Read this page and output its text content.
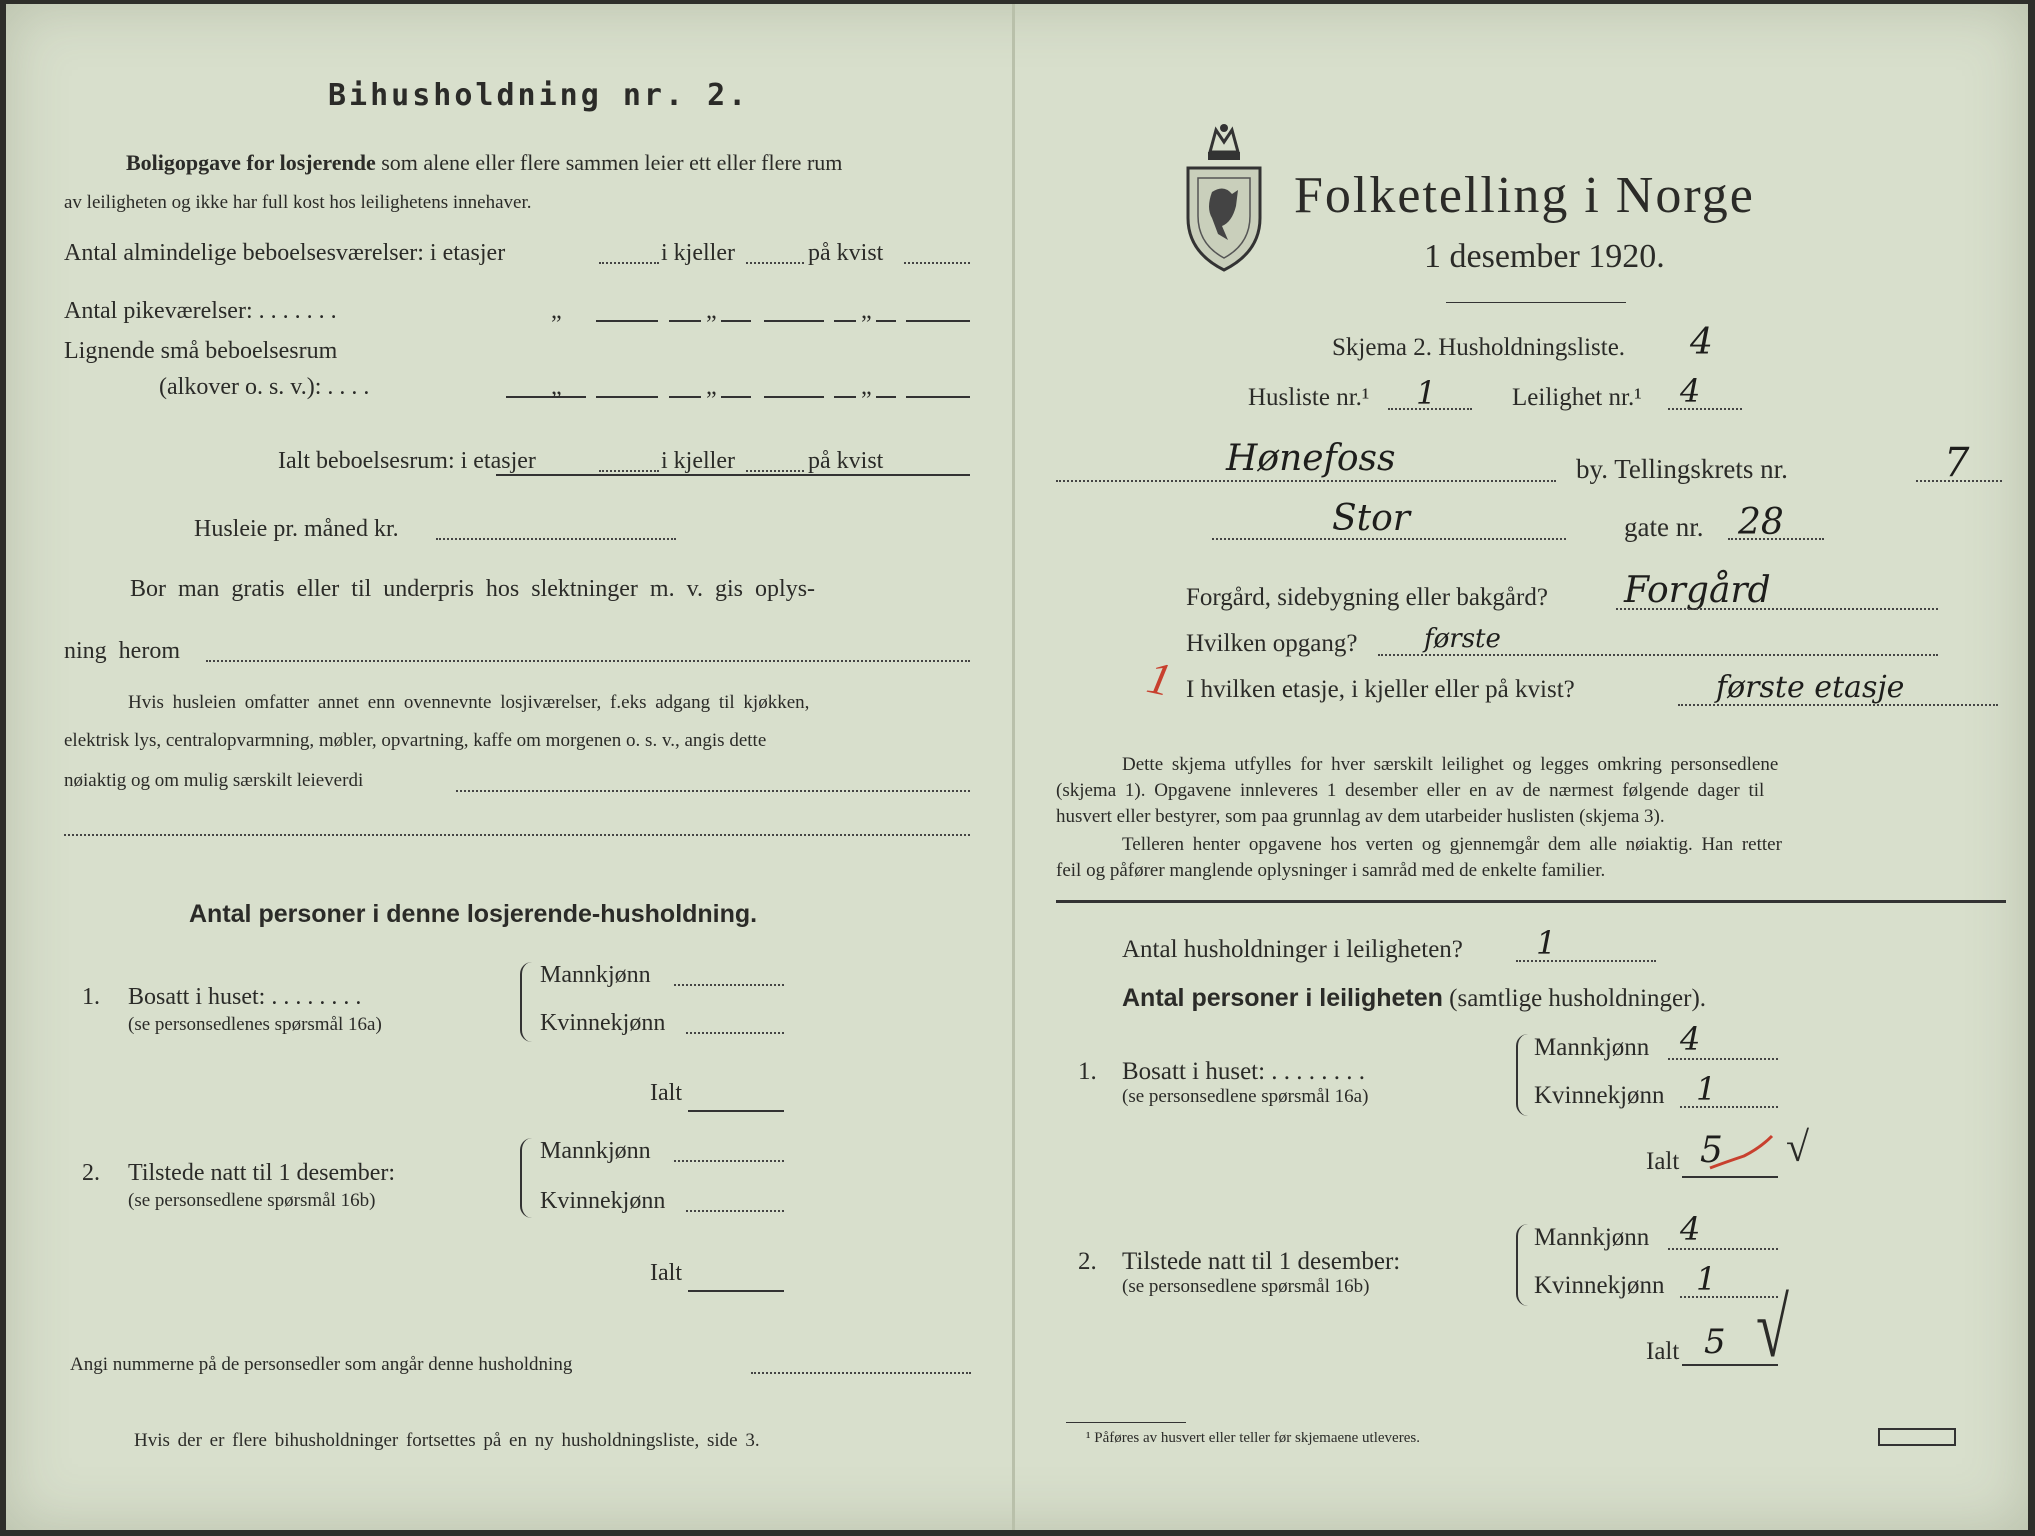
Bihusholdning nr. 2.
Boligopgave for losjerende som alene eller flere sammen leier ett eller flere rum
av leiligheten og ikke har full kost hos leilighetens innehaver.
Antal almindelige beboelsesværelser: i etasjer	i kjeller	på kvist
Antal pikeværelser: . . . . . . .	„	„	„
Lignende små beboelsesrum
(alkover o. s. v.): . . . .	„	„	„
Ialt beboelsesrum: i etasjer	i kjeller	på kvist
Husleie pr. måned kr.
Bor man gratis eller til underpris hos slektninger m. v. gis oplys-
ning herom
Hvis husleien omfatter annet enn ovennevnte losjiværelser, f.eks adgang til kjøkken,
elektrisk lys, centralopvarmning, møbler, opvartning, kaffe om morgenen o. s. v., angis dette
nøiaktig og om mulig særskilt leieverdi
Antal personer i denne losjerende-husholdning.
1. Bosatt i huset: . . . . . . . .
(se personsedlenes spørsmål 16a)
Mannkjønn
Kvinnekjønn
Ialt
2. Tilstede natt til 1 desember:
(se personsedlene spørsmål 16b)
Mannkjønn
Kvinnekjønn
Ialt
Angi nummerne på de personsedler som angår denne husholdning
Hvis der er flere bihusholdninger fortsettes på en ny husholdningsliste, side 3.
Folketelling i Norge
1 desember 1920.
Skjema 2. Husholdningsliste. 4
Husliste nr.¹ 1	Leilighet nr.¹ 4
Hønefoss	by. Tellingskrets nr.	7
Stor	gate nr. 28
Forgård, sidebygning eller bakgård? Forgård
Hvilken opgang?	første
1 I hvilken etasje, i kjeller eller på kvist?	første etasje
Dette skjema utfylles for hver særskilt leilighet og legges omkring personsedlene
(skjema 1). Opgavene innleveres 1 desember eller en av de nærmest følgende dager til
husvert eller bestyrer, som paa grunnlag av dem utarbeider huslisten (skjema 3).
Telleren henter opgavene hos verten og gjennemgår dem alle nøiaktig. Han retter
feil og påfører manglende oplysninger i samråd med de enkelte familier.
Antal husholdninger i leiligheten? 1
Antal personer i leiligheten (samtlige husholdninger).
1. Bosatt i huset: . . . . . . . .
(se personsedlene spørsmål 16a)
Mannkjønn 4
Kvinnekjønn 1
Ialt 5 √
2. Tilstede natt til 1 desember:
(se personsedlene spørsmål 16b)
Mannkjønn 4
Kvinnekjønn 1
Ialt 5 √
¹ Påføres av husvert eller teller før skjemaene utleveres.
